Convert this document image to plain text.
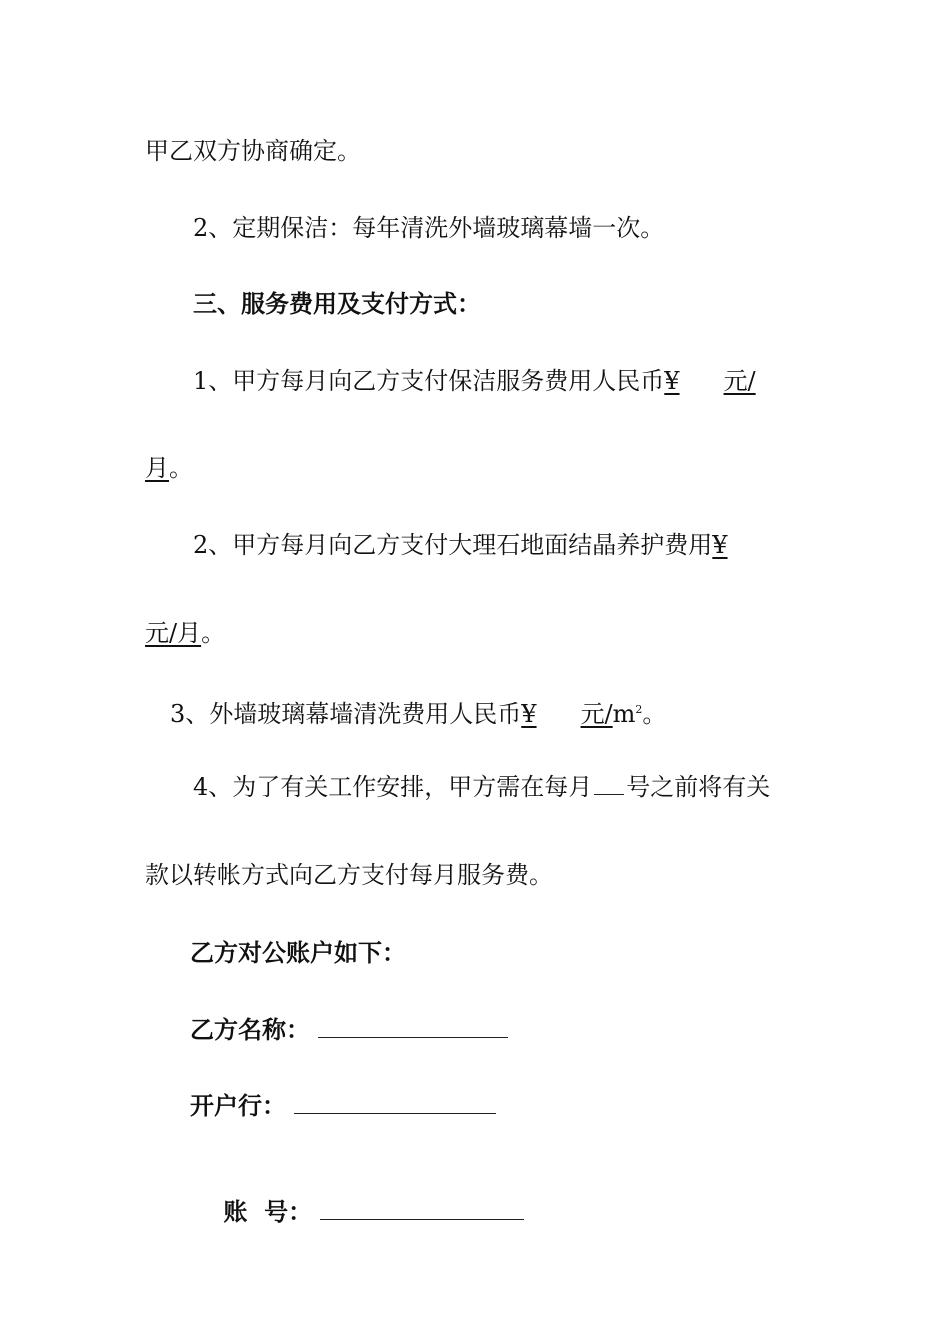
甲乙双方协商确定。
2、定期保洁：每年清洗外墙玻璃幕墙一次。
三、服务费用及支付方式：
1、甲方每月向乙方支付保洁服务费用人民币¥ 元/
月。
2、甲方每月向乙方支付大理石地面结晶养护费用¥
元/月。
3、外墙玻璃幕墙清洗费用人民币¥ 元$/m^2$。
4、为了有关工作安排，甲方需在每月 号之前将有关
款以转帐方式向乙方支付每月服务费。
乙方对公账户如下：
乙方名称：
开户行：

账  号：
